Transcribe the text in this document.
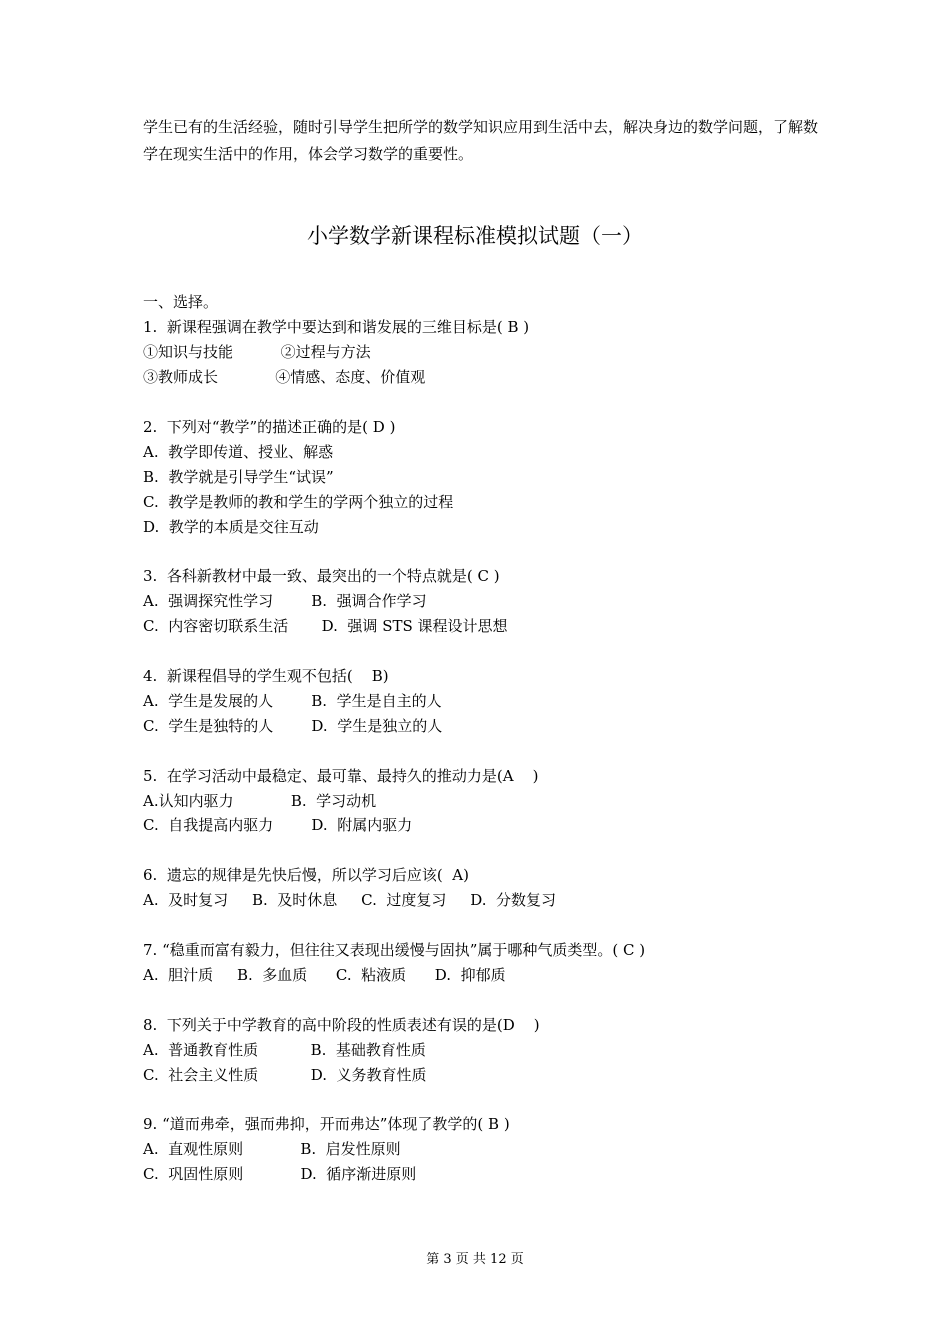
学生已有的生活经验，随时引导学生把所学的数学知识应用到生活中去，解决身边的数学问题，了解数学在现实生活中的作用，体会学习数学的重要性。

小学数学新课程标准模拟试题（一）

一、选择。

1.  新课程强调在教学中要达到和谐发展的三维目标是( B )

①知识与技能          ②过程与方法

③教师成长            ④情感、态度、价值观

2.  下列对“教学”的描述正确的是( D )

A.  教学即传道、授业、解惑

B.  教学就是引导学生“试误”

C.  教学是教师的教和学生的学两个独立的过程

D.  教学的本质是交往互动

3.  各科新教材中最一致、最突出的一个特点就是( C )

A.  强调探究性学习        B.  强调合作学习

C.  内容密切联系生活       D.  强调 STS 课程设计思想

4.  新课程倡导的学生观不包括(    B)

A.  学生是发展的人        B.  学生是自主的人

C.  学生是独特的人        D.  学生是独立的人

5.  在学习活动中最稳定、最可靠、最持久的推动力是(A    )

A.认知内驱力            B.  学习动机

C.  自我提高内驱力        D.  附属内驱力

6.  遗忘的规律是先快后慢，所以学习后应该(  A)

A.  及时复习     B.  及时休息     C.  过度复习     D.  分数复习

7. “稳重而富有毅力，但往往又表现出缓慢与固执”属于哪种气质类型。( C )

A.  胆汁质     B.  多血质      C.  粘液质      D.  抑郁质

8.  下列关于中学教育的高中阶段的性质表述有误的是(D    )

A.  普通教育性质           B.  基础教育性质

C.  社会主义性质           D.  义务教育性质

9. “道而弗牵，强而弗抑，开而弗达”体现了教学的( B )

A.  直观性原则            B.  启发性原则

C.  巩固性原则            D.  循序渐进原则

第 3 页 共 12 页
